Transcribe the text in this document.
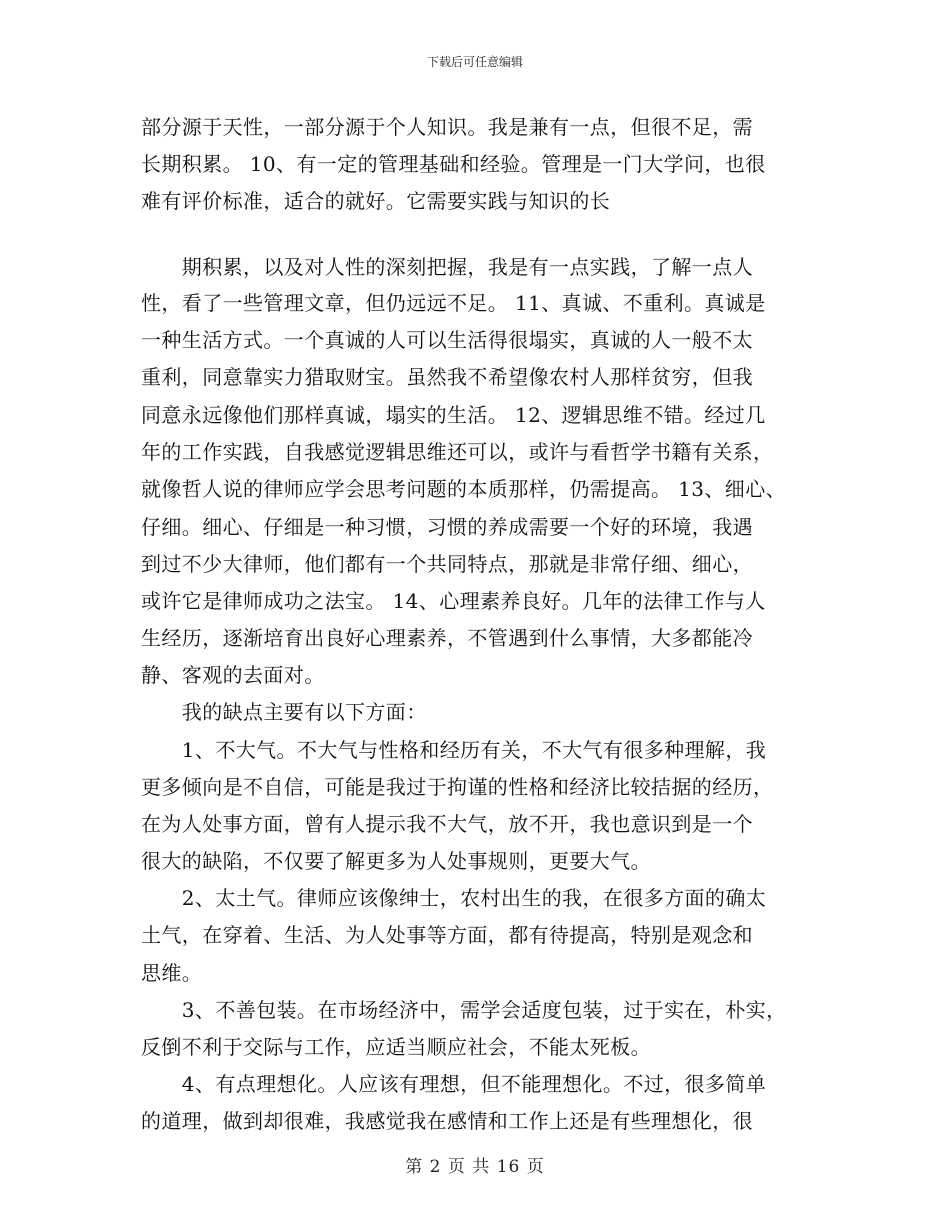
下载后可任意编辑
部分源于天性，一部分源于个人知识。我是兼有一点，但很不足，需
长期积累。 10、有一定的管理基础和经验。管理是一门大学问，也很
难有评价标准，适合的就好。它需要实践与知识的长
　　期积累，以及对人性的深刻把握，我是有一点实践，了解一点人
性，看了一些管理文章，但仍远远不足。 11、真诚、不重利。真诚是
一种生活方式。一个真诚的人可以生活得很塌实，真诚的人一般不太
重利，同意靠实力猎取财宝。虽然我不希望像农村人那样贫穷，但我
同意永远像他们那样真诚，塌实的生活。 12、逻辑思维不错。经过几
年的工作实践，自我感觉逻辑思维还可以，或许与看哲学书籍有关系，
就像哲人说的律师应学会思考问题的本质那样，仍需提高。 13、细心、
仔细。细心、仔细是一种习惯，习惯的养成需要一个好的环境，我遇
到过不少大律师，他们都有一个共同特点，那就是非常仔细、细心，
或许它是律师成功之法宝。 14、心理素养良好。几年的法律工作与人
生经历，逐渐培育出良好心理素养，不管遇到什么事情，大多都能冷
静、客观的去面对。
　　我的缺点主要有以下方面：
　　1、不大气。不大气与性格和经历有关，不大气有很多种理解，我
更多倾向是不自信，可能是我过于拘谨的性格和经济比较拮据的经历，
在为人处事方面，曾有人提示我不大气，放不开，我也意识到是一个
很大的缺陷，不仅要了解更多为人处事规则，更要大气。
　　2、太土气。律师应该像绅士，农村出生的我，在很多方面的确太
土气，在穿着、生活、为人处事等方面，都有待提高，特别是观念和
思维。
　　3、不善包装。在市场经济中，需学会适度包装，过于实在，朴实，
反倒不利于交际与工作，应适当顺应社会，不能太死板。
　　4、有点理想化。人应该有理想，但不能理想化。不过，很多简单
的道理，做到却很难，我感觉我在感情和工作上还是有些理想化，很
第 2 页 共 16 页
